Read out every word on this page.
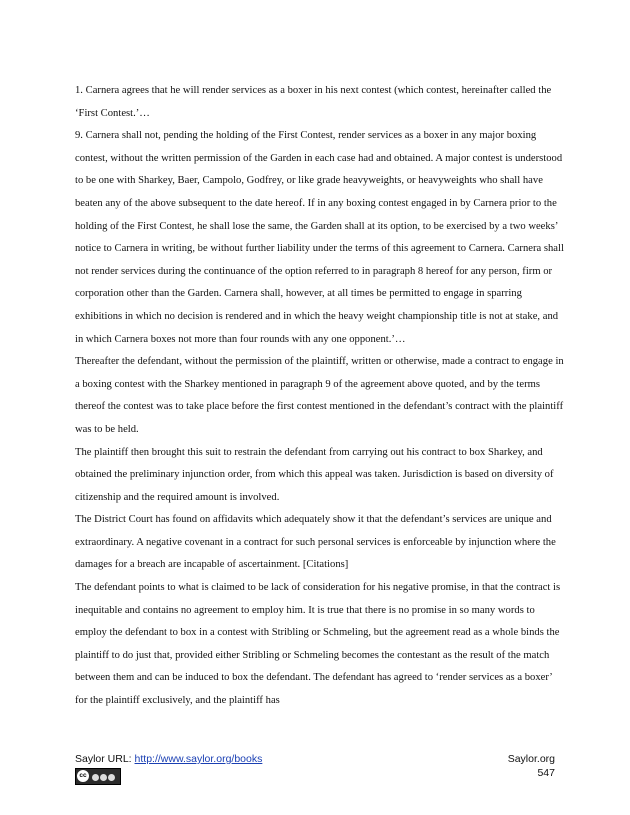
1. Carnera agrees that he will render services as a boxer in his next contest (which contest, hereinafter called the ‘First Contest.’…

9. Carnera shall not, pending the holding of the First Contest, render services as a boxer in any major boxing contest, without the written permission of the Garden in each case had and obtained. A major contest is understood to be one with Sharkey, Baer, Campolo, Godfrey, or like grade heavyweights, or heavyweights who shall have beaten any of the above subsequent to the date hereof. If in any boxing contest engaged in by Carnera prior to the holding of the First Contest, he shall lose the same, the Garden shall at its option, to be exercised by a two weeks’ notice to Carnera in writing, be without further liability under the terms of this agreement to Carnera. Carnera shall not render services during the continuance of the option referred to in paragraph 8 hereof for any person, firm or corporation other than the Garden. Carnera shall, however, at all times be permitted to engage in sparring exhibitions in which no decision is rendered and in which the heavy weight championship title is not at stake, and in which Carnera boxes not more than four rounds with any one opponent.’…

Thereafter the defendant, without the permission of the plaintiff, written or otherwise, made a contract to engage in a boxing contest with the Sharkey mentioned in paragraph 9 of the agreement above quoted, and by the terms thereof the contest was to take place before the first contest mentioned in the defendant’s contract with the plaintiff was to be held.

The plaintiff then brought this suit to restrain the defendant from carrying out his contract to box Sharkey, and obtained the preliminary injunction order, from which this appeal was taken. Jurisdiction is based on diversity of citizenship and the required amount is involved.

The District Court has found on affidavits which adequately show it that the defendant’s services are unique and extraordinary. A negative covenant in a contract for such personal services is enforceable by injunction where the damages for a breach are incapable of ascertainment. [Citations]

The defendant points to what is claimed to be lack of consideration for his negative promise, in that the contract is inequitable and contains no agreement to employ him. It is true that there is no promise in so many words to employ the defendant to box in a contest with Stribling or Schmeling, but the agreement read as a whole binds the plaintiff to do just that, provided either Stribling or Schmeling becomes the contestant as the result of the match between them and can be induced to box the defendant. The defendant has agreed to ‘render services as a boxer’ for the plaintiff exclusively, and the plaintiff has

Saylor URL: http://www.saylor.org/books
cc
Saylor.org
547
